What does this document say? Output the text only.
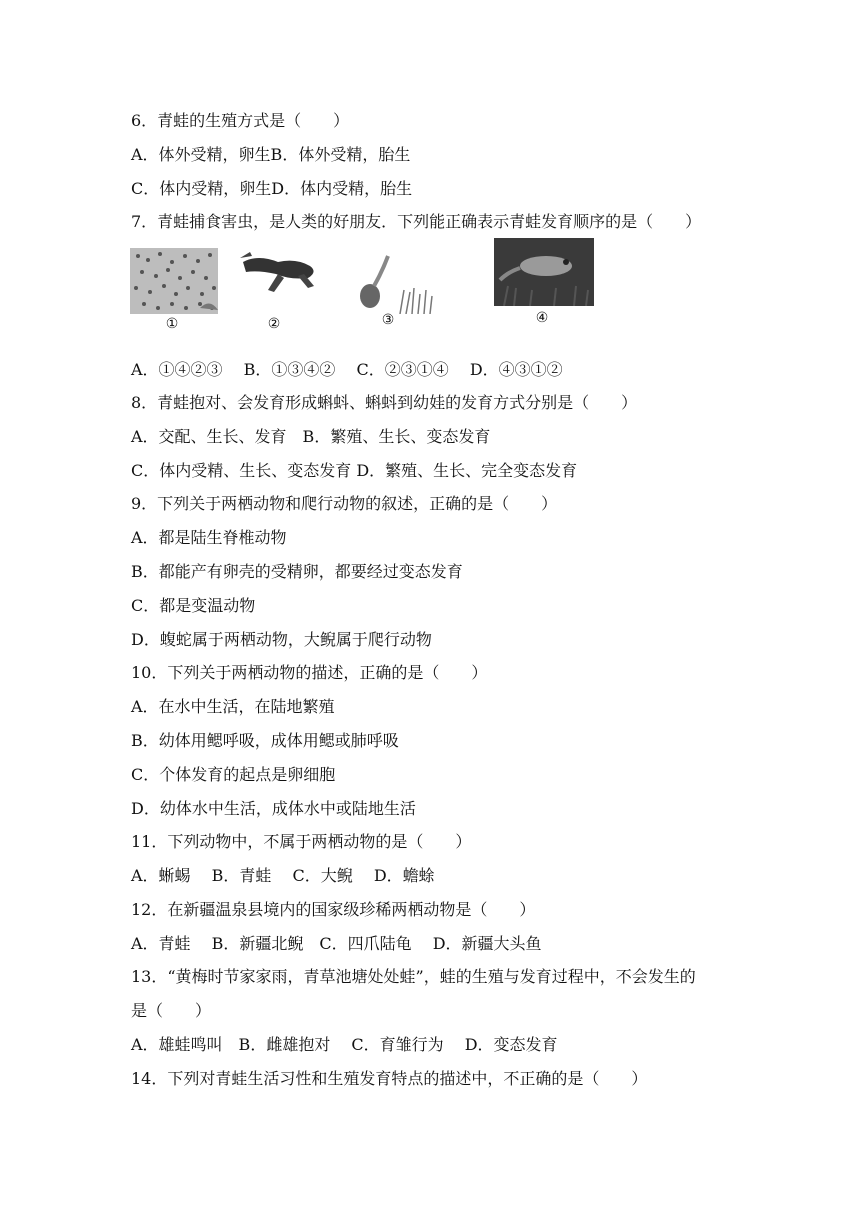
6．青蛙的生殖方式是（　　）
A．体外受精，卵生B．体外受精，胎生
C．体内受精，卵生D．体内受精，胎生
7．青蛙捕食害虫，是人类的好朋友．下列能正确表示青蛙发育顺序的是（　　）
①	②	③	④
A．①④②③　 B．①③④②　 C．②③①④　 D．④③①②
8．青蛙抱对、会发育形成蝌蚪、蝌蚪到幼娃的发育方式分别是（　　）
A．交配、生长、发育　B．繁殖、生长、变态发育
C．体内受精、生长、变态发育 D．繁殖、生长、完全变态发育
9．下列关于两栖动物和爬行动物的叙述，正确的是（　　）
A．都是陆生脊椎动物
B．都能产有卵壳的受精卵，都要经过变态发育
C．都是变温动物
D．蝮蛇属于两栖动物，大鲵属于爬行动物
10．下列关于两栖动物的描述，正确的是（　　）
A．在水中生活，在陆地繁殖
B．幼体用鳃呼吸，成体用鳃或肺呼吸
C．个体发育的起点是卵细胞
D．幼体水中生活，成体水中或陆地生活
11．下列动物中，不属于两栖动物的是（　　）
A．蜥蜴　 B．青蛙　 C．大鲵　 D．蟾蜍
12．在新疆温泉县境内的国家级珍稀两栖动物是（　　）
A．青蛙　 B．新疆北鲵　C．四爪陆龟　 D．新疆大头鱼
13．“黄梅时节家家雨，青草池塘处处蛙”，蛙的生殖与发育过程中，不会发生的
是（　　）
A．雄蛙鸣叫　B．雌雄抱对　 C．育雏行为　 D．变态发育
14．下列对青蛙生活习性和生殖发育特点的描述中，不正确的是（　　）
